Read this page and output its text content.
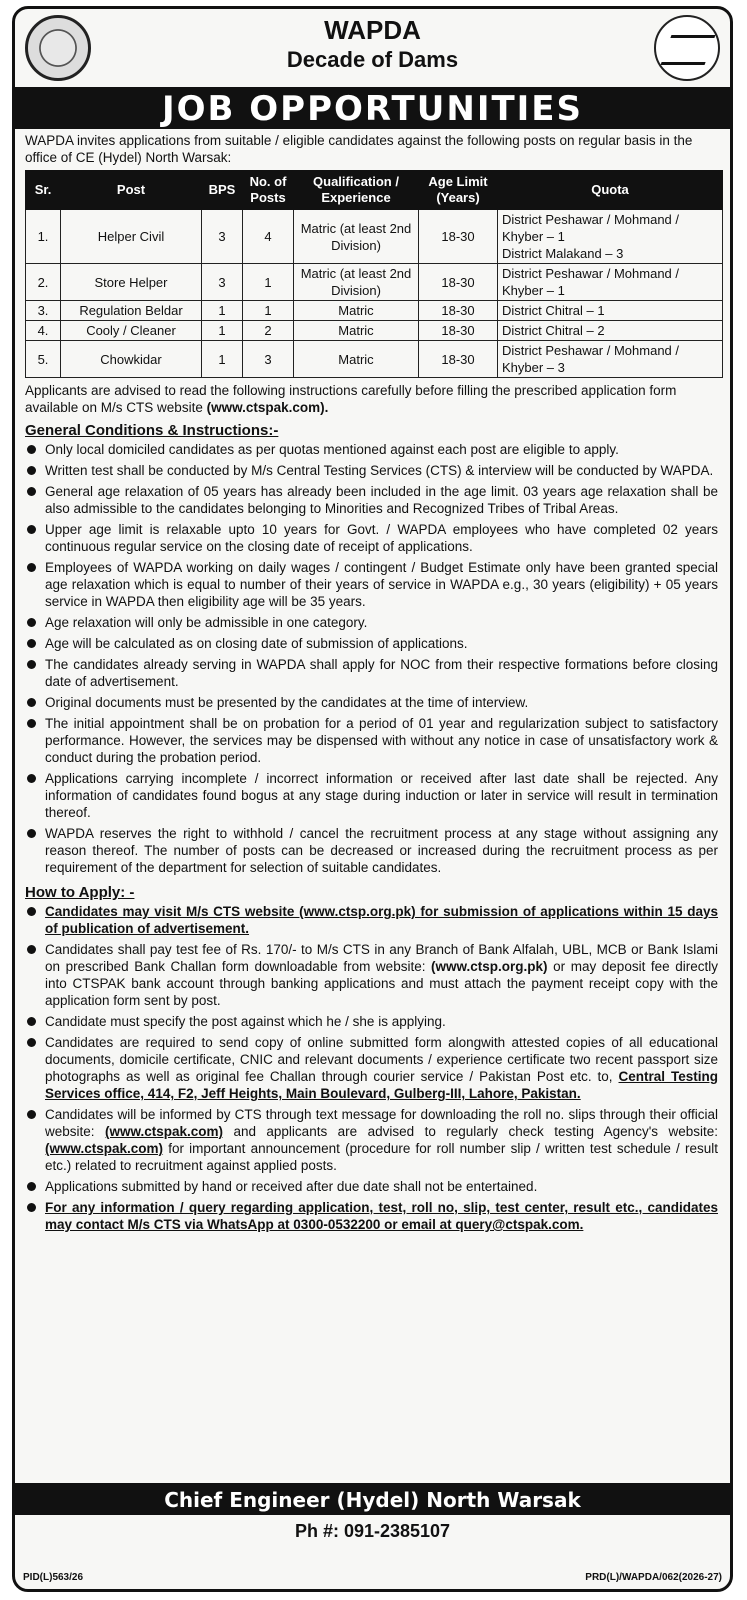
WAPDA
Decade of Dams
JOB OPPORTUNITIES
WAPDA invites applications from suitable / eligible candidates against the following posts on regular basis in the office of CE (Hydel) North Warsak:
Sr.	Post	BPS	No. of Posts	Qualification / Experience	Age Limit (Years)	Quota
1.	Helper Civil	3	4	Matric (at least 2nd Division)	18-30	District Peshawar / Mohmand / Khyber – 1
District Malakand – 3

2.	Store Helper	3	1	Matric (at least 2nd Division)	18-30	District Peshawar / Mohmand / Khyber – 1

3.	Regulation Beldar	1	1	Matric	18-30	District Chitral – 1

4.	Cooly / Cleaner	1	2	Matric	18-30	District Chitral – 2

5.	Chowkidar	1	3	Matric	18-30	District Peshawar / Mohmand / Khyber – 3
Applicants are advised to read the following instructions carefully before filling the prescribed application form available on M/s CTS website (www.ctspak.com).
General Conditions & Instructions:-
Only local domiciled candidates as per quotas mentioned against each post are eligible to apply.
Written test shall be conducted by M/s Central Testing Services (CTS) & interview will be conducted by WAPDA.
General age relaxation of 05 years has already been included in the age limit. 03 years age relaxation shall be also admissible to the candidates belonging to Minorities and Recognized Tribes of Tribal Areas.
Upper age limit is relaxable upto 10 years for Govt. / WAPDA employees who have completed 02 years continuous regular service on the closing date of receipt of applications.
Employees of WAPDA working on daily wages / contingent / Budget Estimate only have been granted special age relaxation which is equal to number of their years of service in WAPDA e.g., 30 years (eligibility) + 05 years service in WAPDA then eligibility age will be 35 years.
Age relaxation will only be admissible in one category.
Age will be calculated as on closing date of submission of applications.
The candidates already serving in WAPDA shall apply for NOC from their respective formations before closing date of advertisement.
Original documents must be presented by the candidates at the time of interview.
The initial appointment shall be on probation for a period of 01 year and regularization subject to satisfactory performance. However, the services may be dispensed with without any notice in case of unsatisfactory work & conduct during the probation period.
Applications carrying incomplete / incorrect information or received after last date shall be rejected. Any information of candidates found bogus at any stage during induction or later in service will result in termination thereof.
WAPDA reserves the right to withhold / cancel the recruitment process at any stage without assigning any reason thereof. The number of posts can be decreased or increased during the recruitment process as per requirement of the department for selection of suitable candidates.
How to Apply: -
Candidates may visit M/s CTS website (www.ctsp.org.pk) for submission of applications within 15 days of publication of advertisement.
Candidates shall pay test fee of Rs. 170/- to M/s CTS in any Branch of Bank Alfalah, UBL, MCB or Bank Islami on prescribed Bank Challan form downloadable from website: (www.ctsp.org.pk) or may deposit fee directly into CTSPAK bank account through banking applications and must attach the payment receipt copy with the application form sent by post.
Candidate must specify the post against which he / she is applying.
Candidates are required to send copy of online submitted form alongwith attested copies of all educational documents, domicile certificate, CNIC and relevant documents / experience certificate two recent passport size photographs as well as original fee Challan through courier service / Pakistan Post etc. to, Central Testing Services office, 414, F2, Jeff Heights, Main Boulevard, Gulberg-III, Lahore, Pakistan.
Candidates will be informed by CTS through text message for downloading the roll no. slips through their official website: (www.ctspak.com) and applicants are advised to regularly check testing Agency's website: (www.ctspak.com) for important announcement (procedure for roll number slip / written test schedule / result etc.) related to recruitment against applied posts.
Applications submitted by hand or received after due date shall not be entertained.
For any information / query regarding application, test, roll no, slip, test center, result etc., candidates may contact M/s CTS via WhatsApp at 0300-0532200 or email at query@ctspak.com.
Chief Engineer (Hydel) North Warsak
Ph #: 091-2385107
PID(L)563/26	PRD(L)/WAPDA/062(2026-27)
